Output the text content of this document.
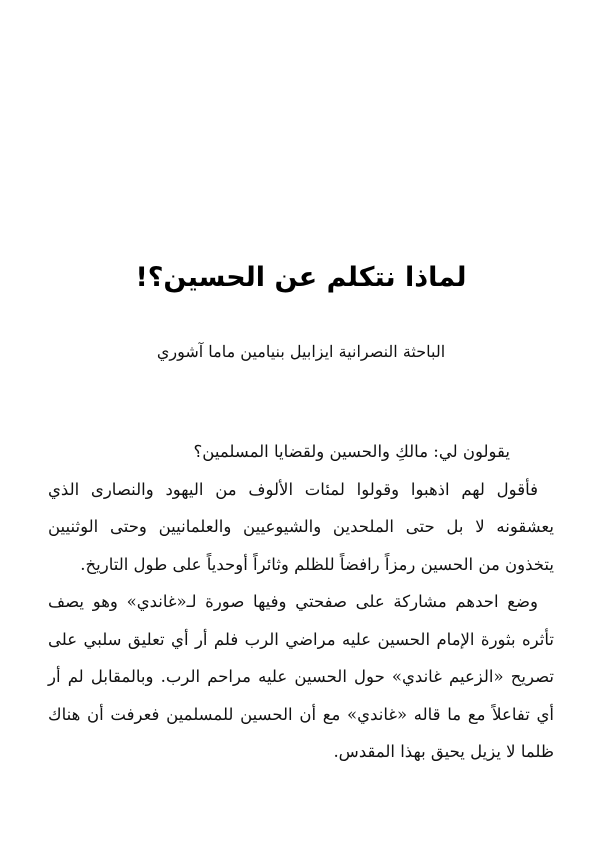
لماذا نتكلم عن الحسين؟!

الباحثة النصرانية ايزابيل بنيامين ماما آشوري

يقولون لي: مالكِ والحسين ولقضايا المسلمين؟

فأقول لهم اذهبوا وقولوا لمئات الألوف من اليهود والنصارى الذي يعشقونه لا بل حتى الملحدين والشيوعيين والعلمانيين وحتى الوثنيين يتخذون من الحسين رمزاً رافضاً للظلم وثائراً أوحدياً على طول التاريخ.

وضع احدهم مشاركة على صفحتي وفيها صورة لـ«غاندي» وهو يصف تأثره بثورة الإمام الحسين عليه مراضي الرب فلم أر أي تعليق سلبي على تصريح «الزعيم غاندي» حول الحسين عليه مراحم الرب. وبالمقابل لم أر أي تفاعلاً مع ما قاله «غاندي» مع أن الحسين للمسلمين فعرفت أن هناك ظلما لا يزيل يحيق بهذا المقدس.
